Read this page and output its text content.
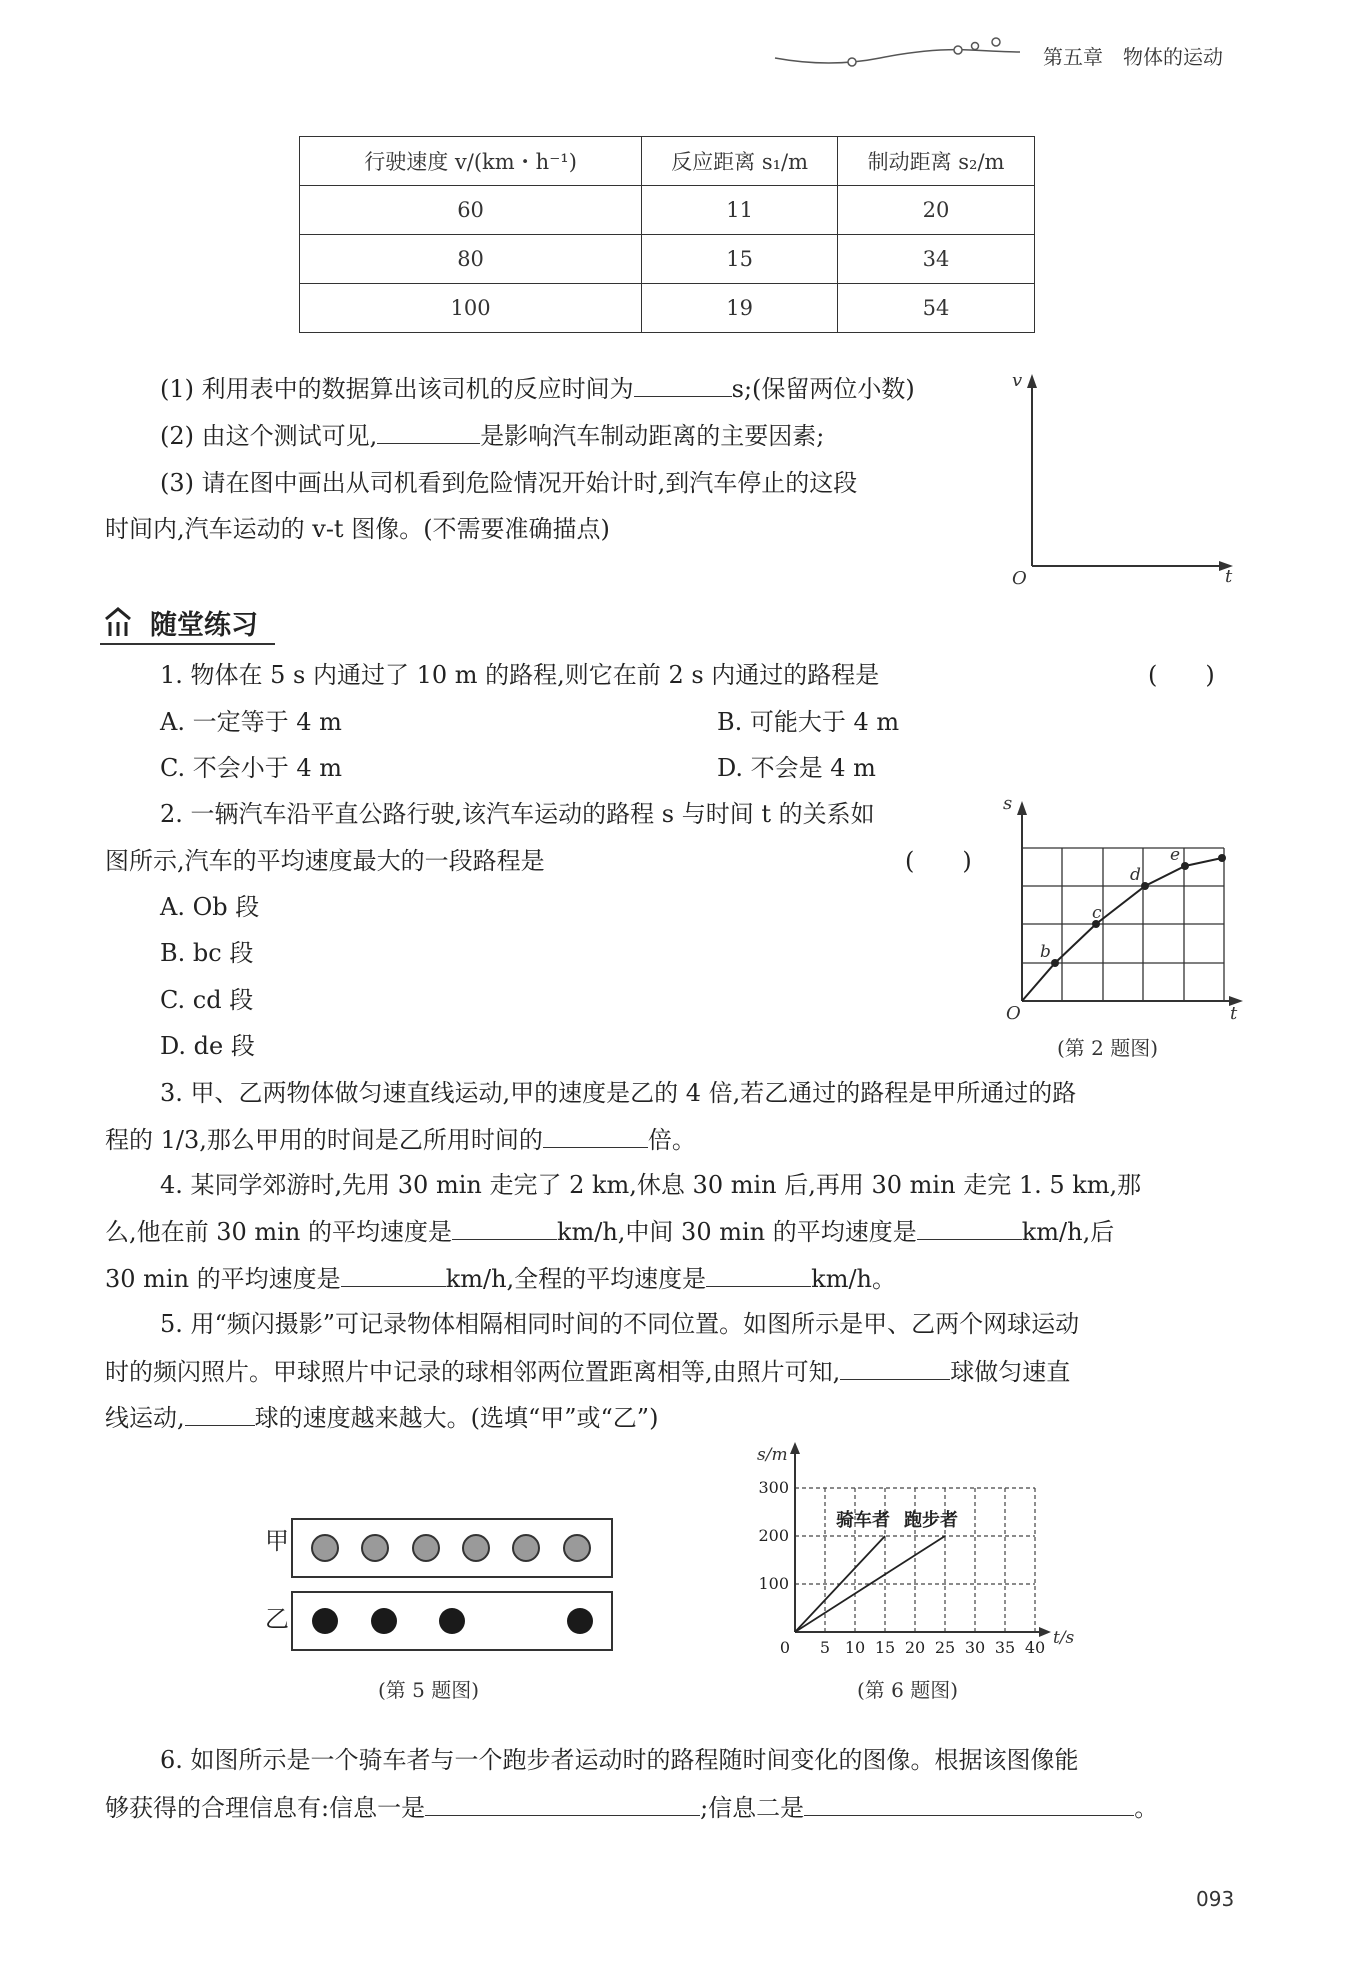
第五章　物体的运动
行驶速度 v/(km・h⁻¹)	反应距离 s₁/m	制动距离 s₂/m
60	11	20
80	15	34
100	19	54
(1) 利用表中的数据算出该司机的反应时间为	s;(保留两位小数)
(2) 由这个测试可见,	是影响汽车制动距离的主要因素;
(3) 请在图中画出从司机看到危险情况开始计时,到汽车停止的这段
时间内,汽车运动的 v-t 图像。(不需要准确描点)
v
t
O
随堂练习
1. 物体在 5 s 内通过了 10 m 的路程,则它在前 2 s 内通过的路程是	(　　)
A. 一定等于 4 m	B. 可能大于 4 m
C. 不会小于 4 m	D. 不会是 4 m
2. 一辆汽车沿平直公路行驶,该汽车运动的路程 s 与时间 t 的关系如
图所示,汽车的平均速度最大的一段路程是	(　　)
A. Ob 段
B. bc 段
C. cd 段
D. de 段
s
t
O
b
c
d
e
(第 2 题图)
3. 甲、乙两物体做匀速直线运动,甲的速度是乙的 4 倍,若乙通过的路程是甲所通过的路
程的 1/3,那么甲用的时间是乙所用时间的	倍。
4. 某同学郊游时,先用 30 min 走完了 2 km,休息 30 min 后,再用 30 min 走完 1. 5 km,那
么,他在前 30 min 的平均速度是	km/h,中间 30 min 的平均速度是	km/h,后
30 min 的平均速度是	km/h,全程的平均速度是	km/h。
5. 用“频闪摄影”可记录物体相隔相同时间的不同位置。如图所示是甲、乙两个网球运动
时的频闪照片。甲球照片中记录的球相邻两位置距离相等,由照片可知,	球做匀速直
线运动,	球的速度越来越大。(选填“甲”或“乙”)
甲
乙
(第 5 题图)
s/m
t/s
0 5 10 15 20 25 30 35 40
100
200
300
骑车者 跑步者
(第 6 题图)
6. 如图所示是一个骑车者与一个跑步者运动时的路程随时间变化的图像。根据该图像能
够获得的合理信息有:信息一是	;信息二是	。
093
